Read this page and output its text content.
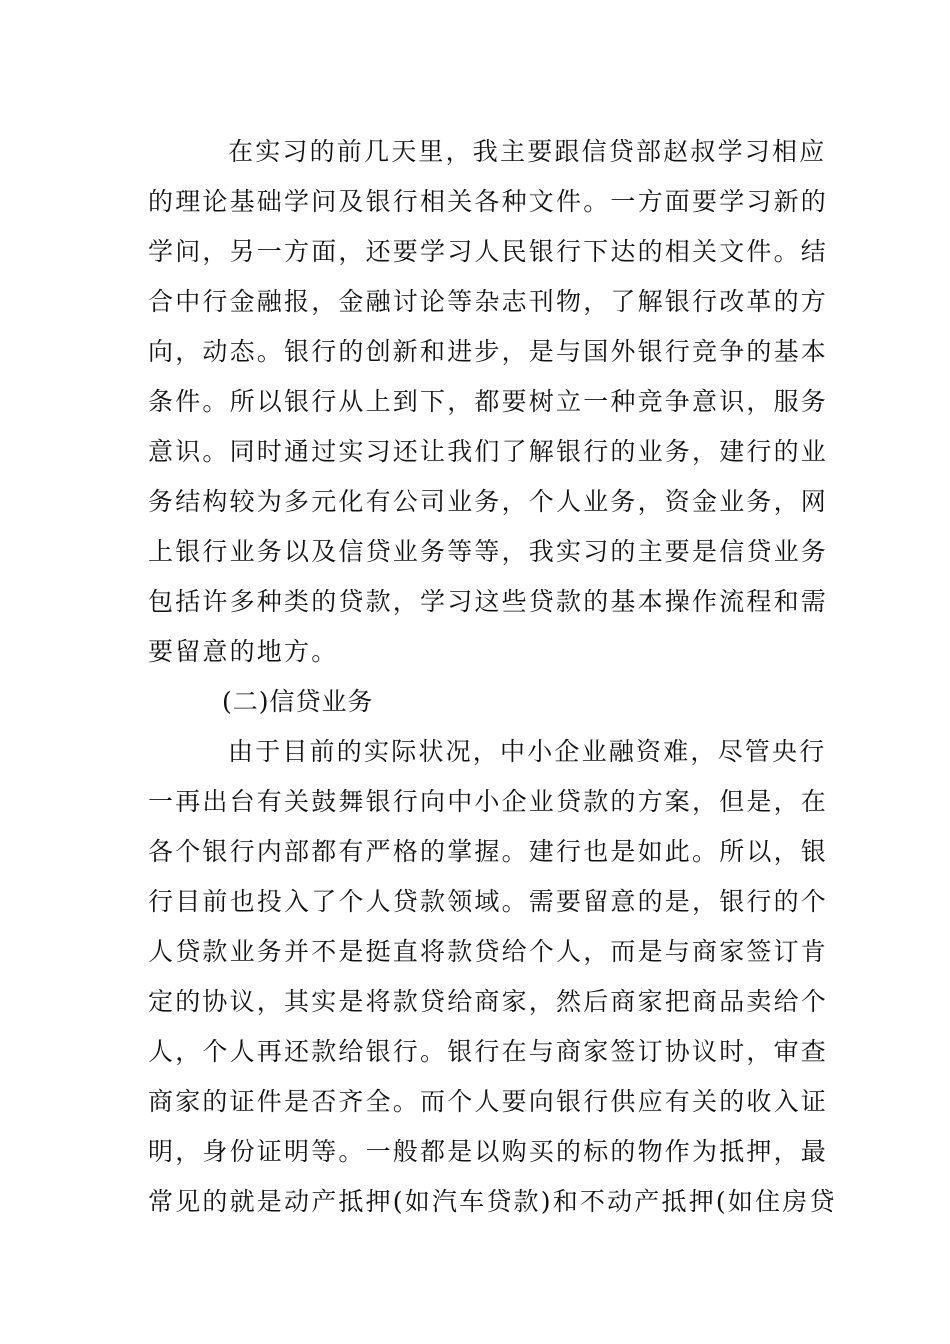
在实习的前几天里，我主要跟信贷部赵叔学习相应
的理论基础学问及银行相关各种文件。一方面要学习新的
学问，另一方面，还要学习人民银行下达的相关文件。结
合中行金融报，金融讨论等杂志刊物，了解银行改革的方
向，动态。银行的创新和进步，是与国外银行竞争的基本
条件。所以银行从上到下，都要树立一种竞争意识，服务
意识。同时通过实习还让我们了解银行的业务，建行的业
务结构较为多元化有公司业务，个人业务，资金业务，网
上银行业务以及信贷业务等等，我实习的主要是信贷业务
包括许多种类的贷款，学习这些贷款的基本操作流程和需
要留意的地方。
(二)信贷业务
由于目前的实际状况，中小企业融资难，尽管央行
一再出台有关鼓舞银行向中小企业贷款的方案，但是，在
各个银行内部都有严格的掌握。建行也是如此。所以，银
行目前也投入了个人贷款领域。需要留意的是，银行的个
人贷款业务并不是挺直将款贷给个人，而是与商家签订肯
定的协议，其实是将款贷给商家，然后商家把商品卖给个
人，个人再还款给银行。银行在与商家签订协议时，审查
商家的证件是否齐全。而个人要向银行供应有关的收入证
明，身份证明等。一般都是以购买的标的物作为抵押，最
常见的就是动产抵押(如汽车贷款)和不动产抵押(如住房贷
